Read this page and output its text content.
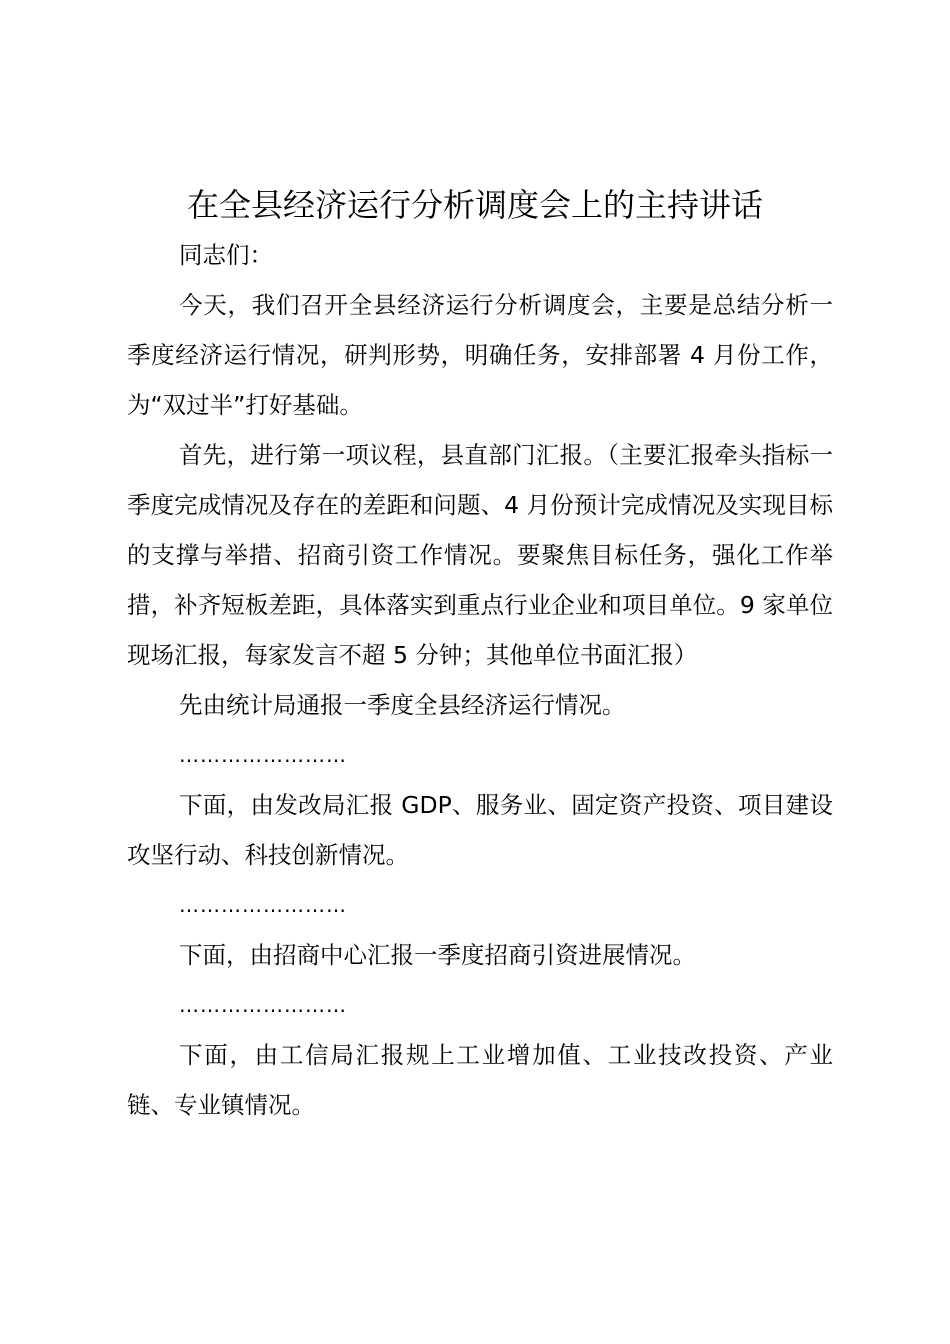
在全县经济运行分析调度会上的主持讲话

同志们：

今天，我们召开全县经济运行分析调度会，主要是总结分析一季度经济运行情况，研判形势，明确任务，安排部署 4 月份工作，为“双过半”打好基础。

首先，进行第一项议程，县直部门汇报。（主要汇报牵头指标一季度完成情况及存在的差距和问题、4 月份预计完成情况及实现目标的支撑与举措、招商引资工作情况。要聚焦目标任务，强化工作举措，补齐短板差距，具体落实到重点行业企业和项目单位。9 家单位现场汇报，每家发言不超 5 分钟；其他单位书面汇报）

先由统计局通报一季度全县经济运行情况。

……………………

下面，由发改局汇报 GDP、服务业、固定资产投资、项目建设攻坚行动、科技创新情况。

……………………

下面，由招商中心汇报一季度招商引资进展情况。

……………………

下面，由工信局汇报规上工业增加值、工业技改投资、产业链、专业镇情况。
